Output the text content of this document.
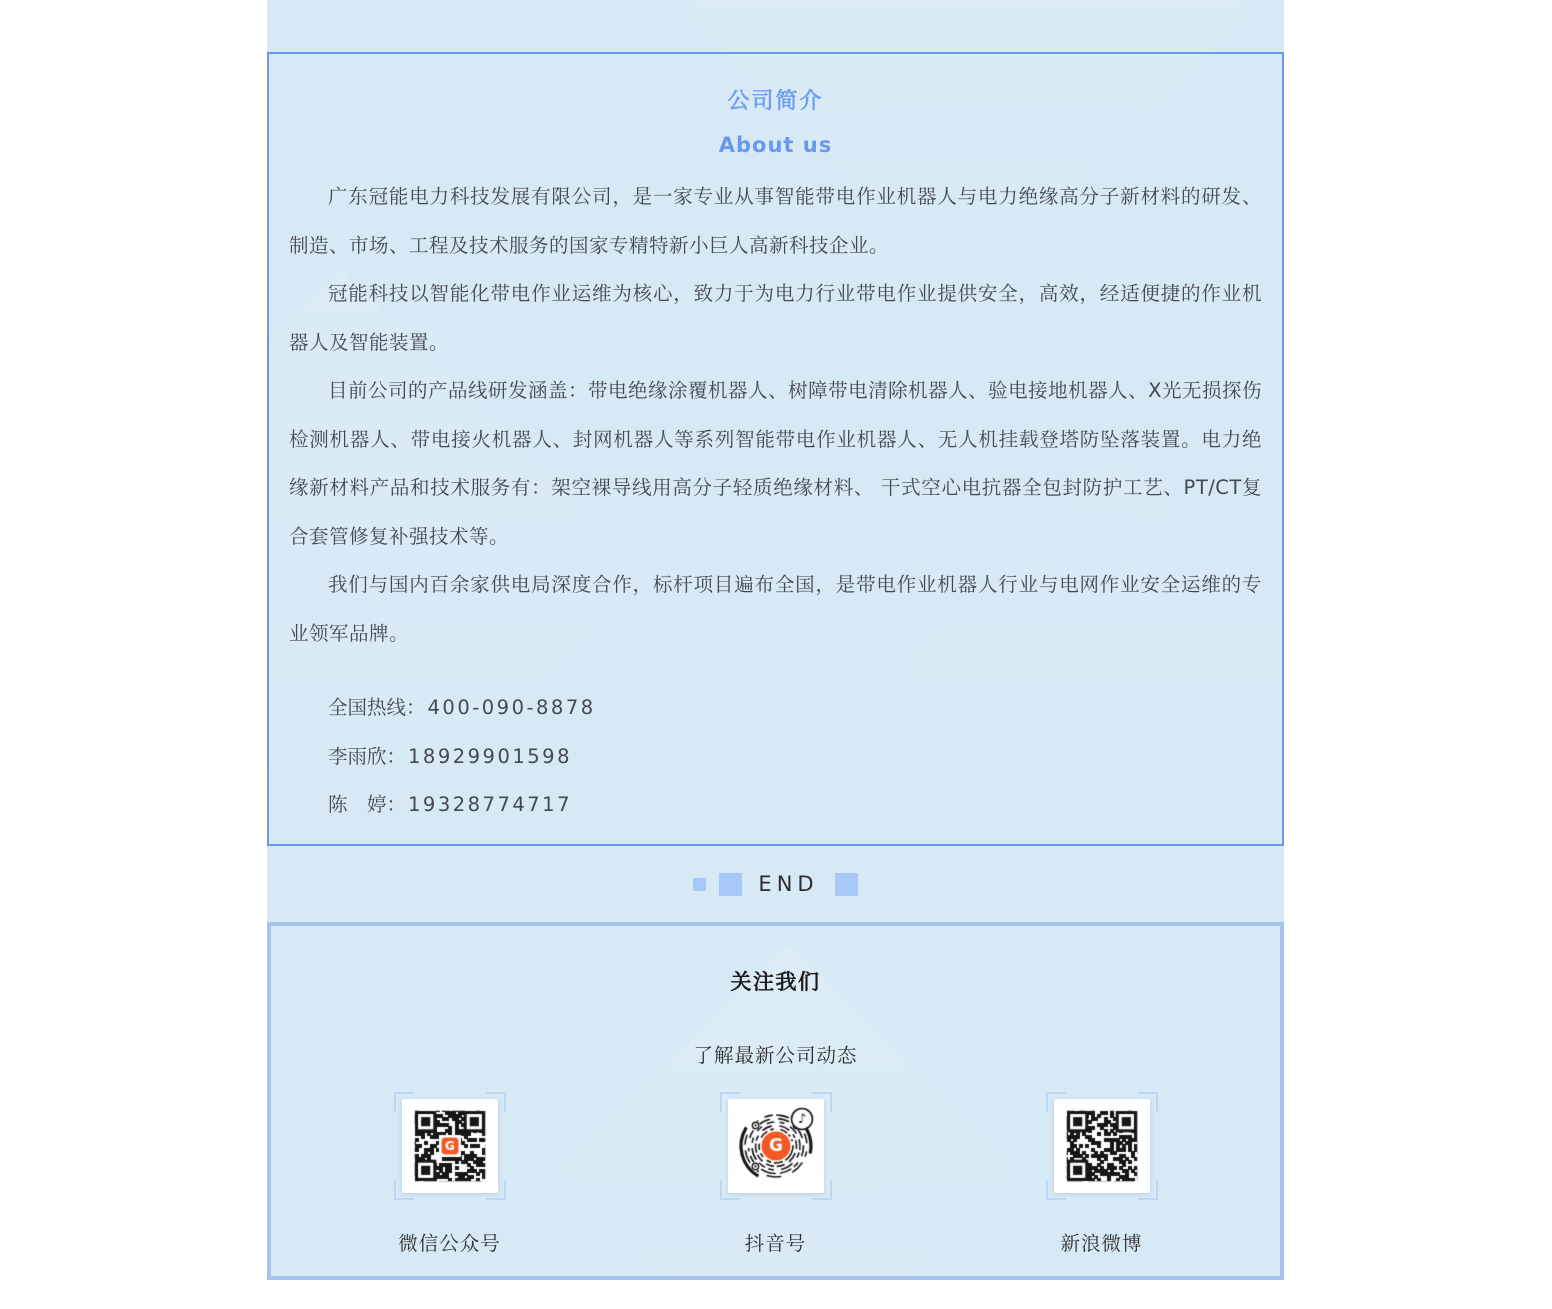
公司简介
About us

广东冠能电力科技发展有限公司，是一家专业从事智能带电作业机器人与电力绝缘高分子新材料的研发、制造、市场、工程及技术服务的国家专精特新小巨人高新科技企业。

冠能科技以智能化带电作业运维为核心，致力于为电力行业带电作业提供安全，高效，经适便捷的作业机器人及智能装置。

目前公司的产品线研发涵盖：带电绝缘涂覆机器人、树障带电清除机器人、验电接地机器人、X光无损探伤检测机器人、带电接火机器人、封网机器人等系列智能带电作业机器人、无人机挂载登塔防坠落装置。电力绝缘新材料产品和技术服务有：架空裸导线用高分子轻质绝缘材料、 干式空心电抗器全包封防护工艺、PT/CT复合套管修复补强技术等。

我们与国内百余家供电局深度合作，标杆项目遍布全国，是带电作业机器人行业与电网作业安全运维的专业领军品牌。

全国热线： 400-090-8878

李雨欣： 18929901598

陈　婷： 19328774717

END
关注我们

了解最新公司动态

微信公众号	抖音号	新浪微博
